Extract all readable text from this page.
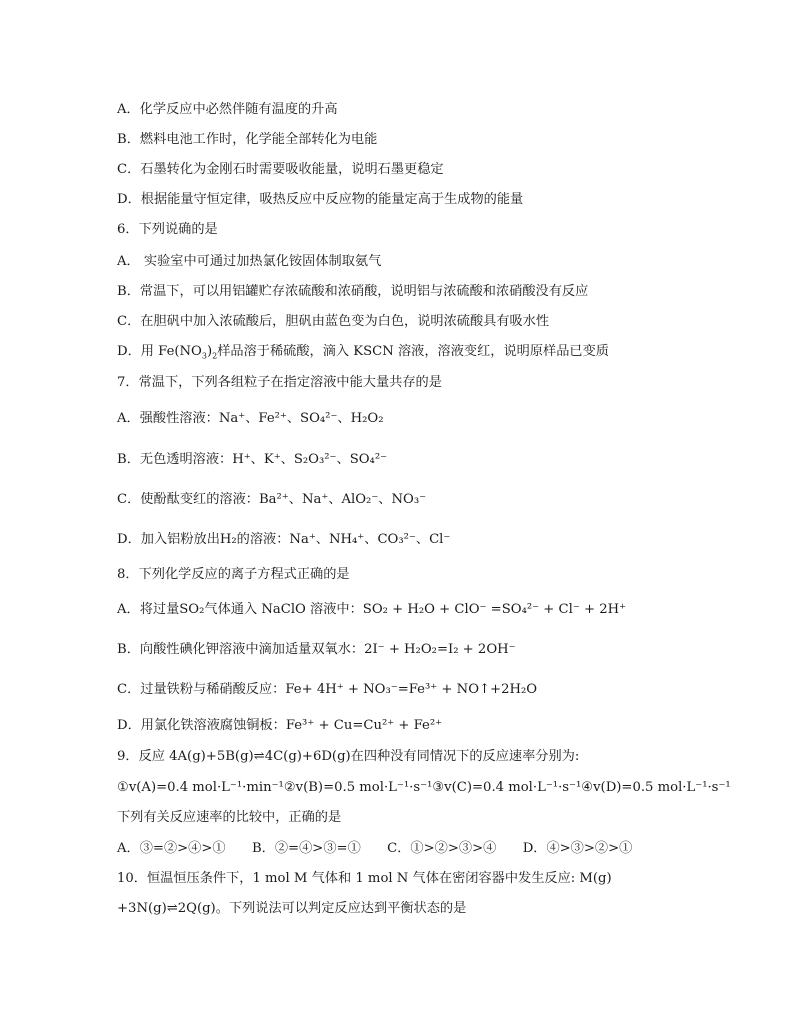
A．化学反应中必然伴随有温度的升高
B．燃料电池工作时，化学能全部转化为电能
C．石墨转化为金刚石时需要吸收能量，说明石墨更稳定
D．根据能量守恒定律，吸热反应中反应物的能量定高于生成物的能量
6．下列说确的是
A． 实验室中可通过加热氯化铵固体制取氨气
B．常温下，可以用铝罐贮存浓硫酸和浓硝酸，说明铝与浓硫酸和浓硝酸没有反应
C．在胆矾中加入浓硫酸后，胆矾由蓝色变为白色，说明浓硫酸具有吸水性
D．用 $Fe(NO_3)_2$样品溶于稀硫酸，滴入 KSCN 溶液，溶液变红，说明原样品已变质
7．常温下，下列各组粒子在指定溶液中能大量共存的是
A．强酸性溶液：Na⁺、Fe²⁺、SO₄²⁻、H₂O₂
B．无色透明溶液：H⁺、K⁺、S₂O₃²⁻、SO₄²⁻
C．使酚酞变红的溶液：Ba²⁺、Na⁺、AlO₂⁻、NO₃⁻
D．加入铝粉放出H₂的溶液：Na⁺、NH₄⁺、CO₃²⁻、Cl⁻
8．下列化学反应的离子方程式正确的是
A．将过量SO₂气体通入 NaClO 溶液中：SO₂ + H₂O + ClO⁻ =SO₄²⁻ + Cl⁻ + 2H⁺
B．向酸性碘化钾溶液中滴加适量双氧水：2I⁻ + H₂O₂=I₂ + 2OH⁻
C．过量铁粉与稀硝酸反应：Fe+ 4H⁺ + NO₃⁻=Fe³⁺ + NO↑+2H₂O
D．用氯化铁溶液腐蚀铜板：Fe³⁺ + Cu=Cu²⁺ + Fe²⁺
9．反应 4A(g)+5B(g)⇌4C(g)+6D(g)在四种没有同情况下的反应速率分别为:
①v(A)=0.4 mol·L⁻¹·min⁻¹②v(B)=0.5 mol·L⁻¹·s⁻¹③v(C)=0.4 mol·L⁻¹·s⁻¹④v(D)=0.5 mol·L⁻¹·s⁻¹
下列有关反应速率的比较中，正确的是
A．③=②>④>①　　B．②=④>③=①　　C．①>②>③>④　　D．④>③>②>①
10．恒温恒压条件下，1 mol M 气体和 1 mol N 气体在密闭容器中发生反应: M(g)
+3N(g)⇌2Q(g)。下列说法可以判定反应达到平衡状态的是
